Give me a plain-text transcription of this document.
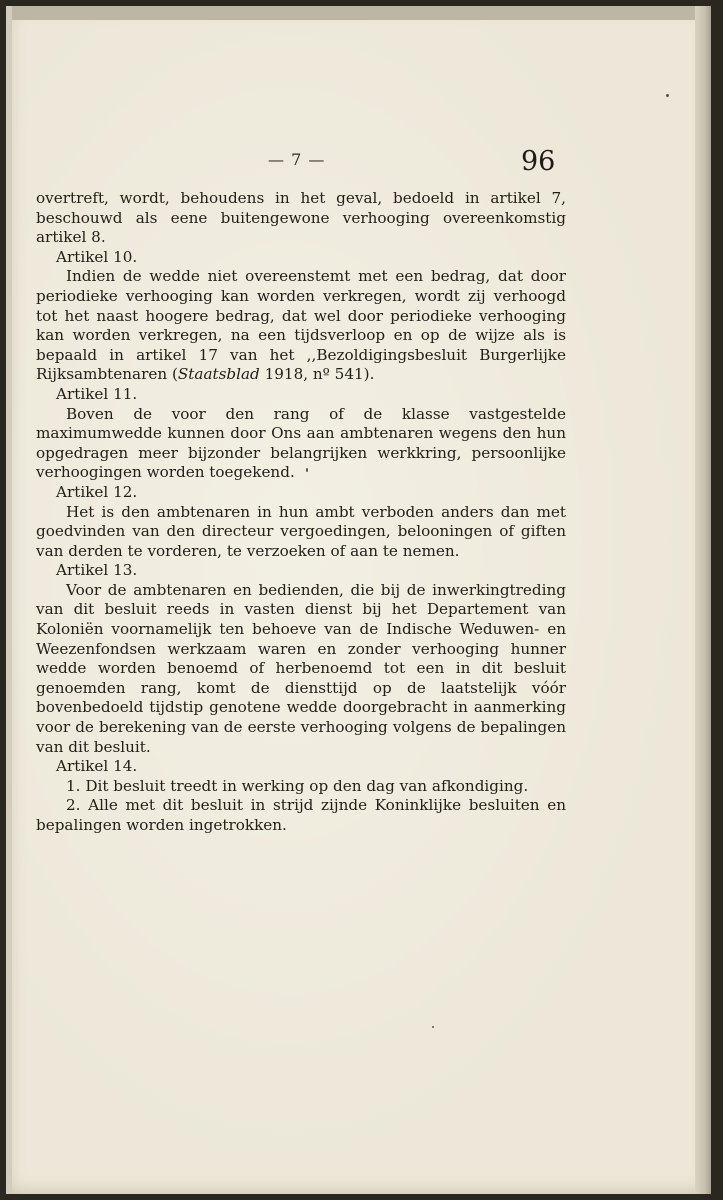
— 7 —	96

overtreft, wordt, behoudens in het geval, bedoeld in artikel 7, beschouwd als eene buitengewone verhooging overeenkomstig artikel 8.

Artikel 10.

Indien de wedde niet overeenstemt met een bedrag, dat door periodieke verhooging kan worden verkregen, wordt zij verhoogd tot het naast hoogere bedrag, dat wel door periodieke verhooging kan worden verkregen, na een tijdsverloop en op de wijze als is bepaald in artikel 17 van het ,,Bezoldigingsbesluit Burgerlijke Rijksambtenaren (Staatsblad 1918, nº 541).

Artikel 11.

Boven de voor den rang of de klasse vastgestelde maximumwedde kunnen door Ons aan ambtenaren wegens den hun opgedragen meer bijzonder belangrijken werkkring, persoonlijke verhoogingen worden toegekend.

Artikel 12.

Het is den ambtenaren in hun ambt verboden anders dan met goedvinden van den directeur vergoedingen, belooningen of giften van derden te vorderen, te verzoeken of aan te nemen.

Artikel 13.

Voor de ambtenaren en bedienden, die bij de inwerkingtreding van dit besluit reeds in vasten dienst bij het Departement van Koloniën voornamelijk ten behoeve van de Indische Weduwen- en Weezenfondsen werkzaam waren en zonder verhooging hunner wedde worden benoemd of herbenoemd tot een in dit besluit genoemden rang, komt de diensttijd op de laatstelijk vóór bovenbedoeld tijdstip genotene wedde doorgebracht in aanmerking voor de berekening van de eerste verhooging volgens de bepalingen van dit besluit.

Artikel 14.

1. Dit besluit treedt in werking op den dag van afkondiging.

2. Alle met dit besluit in strijd zijnde Koninklijke besluiten en bepalingen worden ingetrokken.
